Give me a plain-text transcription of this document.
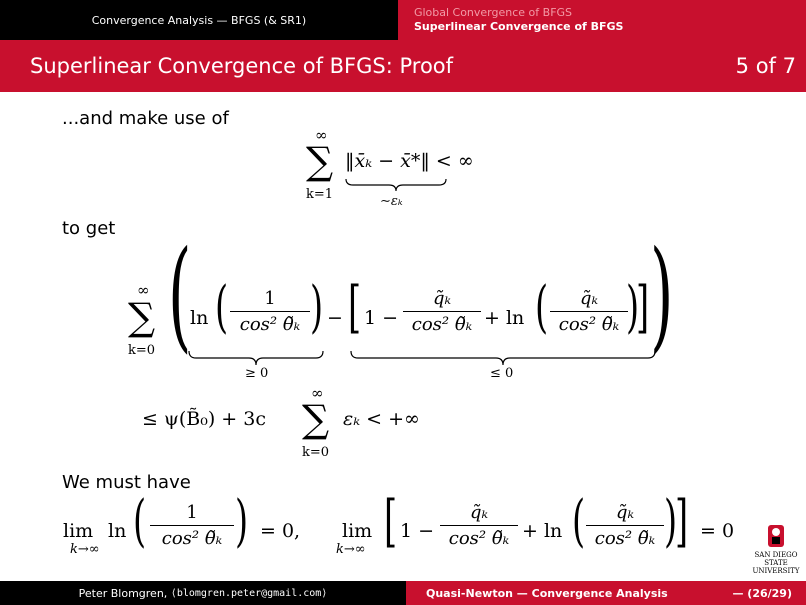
Convergence Analysis — BFGS (& SR1)
Global Convergence of BFGS
Superlinear Convergence of BFGS
Superlinear Convergence of BFGS: Proof	5 of 7
...and make use of
∞
∑
k=1
‖x̄ₖ − x̄*‖ < ∞
∼εₖ
to get
∞
∑
k=0 (	)
ln ( 1
cos² θ̃ₖ ) − [ 1 −
q̃ₖ
cos² θ̃ₖ + ln ( q̃ₖ
cos² θ̃ₖ )
]
≥ 0	≤ 0
≤ ψ(B̃₀) + 3c
∞
∑
k=0
εₖ < +∞
We must have
lim
k→∞
ln ( 1
cos² θ̃ₖ ) = 0, lim
k→∞ [ 1 −
q̃ₖ
cos² θ̃ₖ + ln ( q̃ₖ
cos² θ̃ₖ )
] = 0
SAN DIEGO STATE
UNIVERSITY
Peter Blomgren,
⟨blomgren.peter@gmail.com⟩	Quasi-Newton — Convergence Analysis	— (26/29)
